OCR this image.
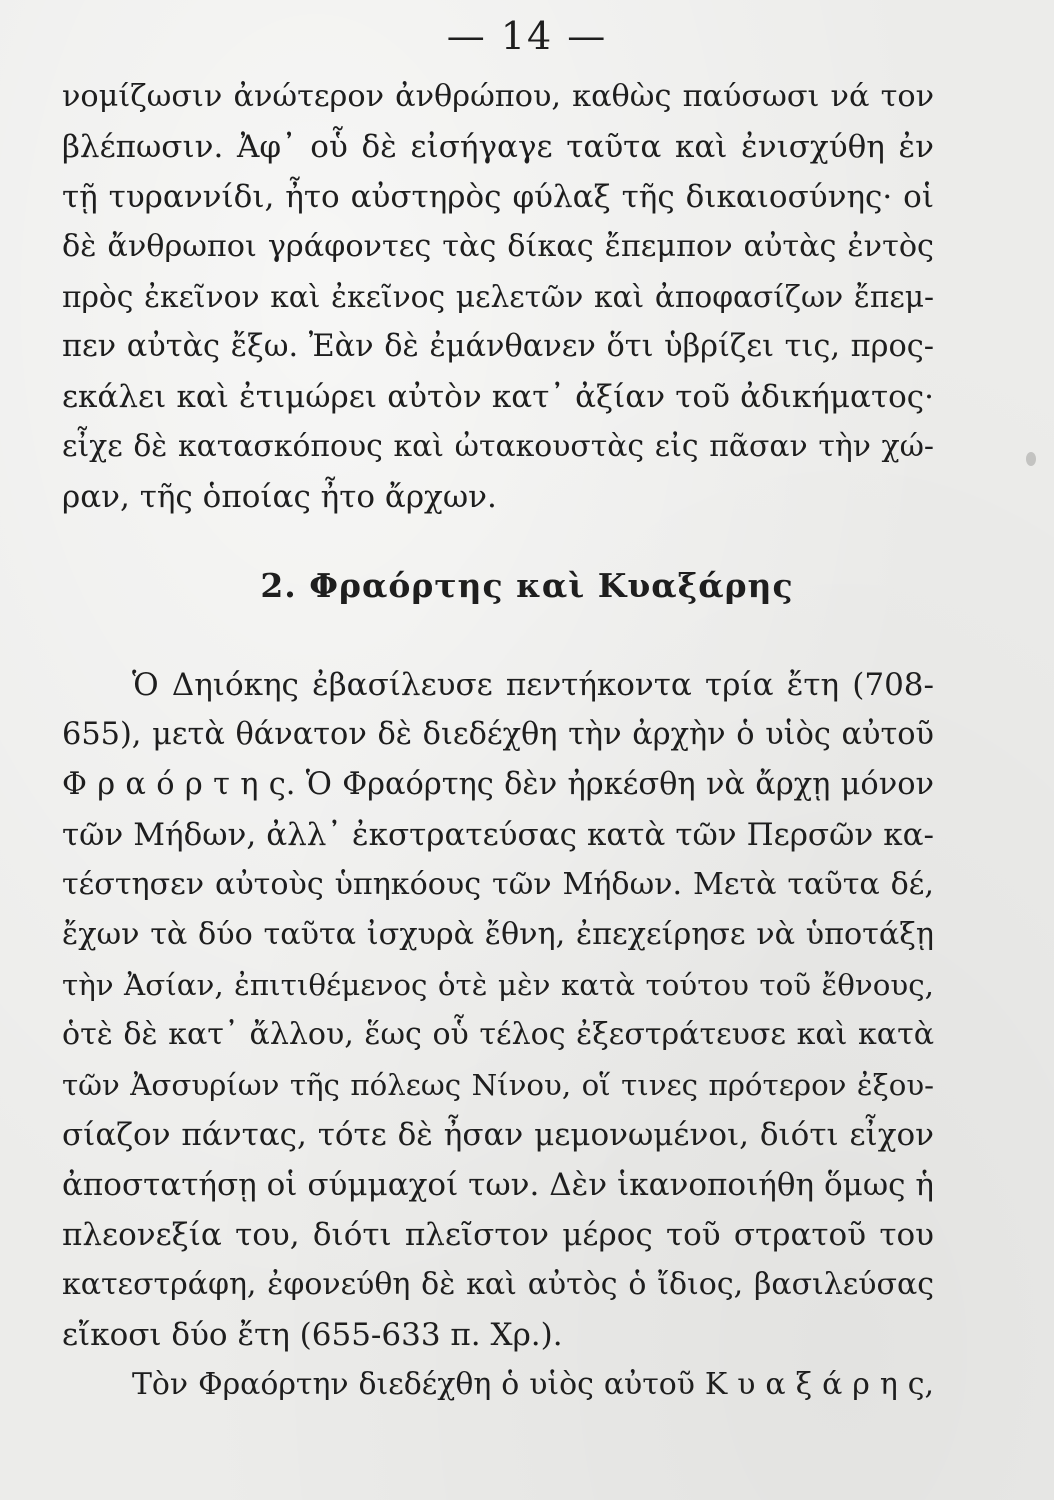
— 14 —
νομίζωσιν ἀνώτερον ἀνθρώπου, καθὼς παύσωσι νά τον
βλέπωσιν. Ἀφ᾿ οὗ δὲ εἰσήγαγε ταῦτα καὶ ἐνισχύθη ἐν
τῇ τυραννίδι, ἦτο αὐστηρὸς φύλαξ τῆς δικαιοσύνης· οἱ
δὲ ἄνθρωποι γράφοντες τὰς δίκας ἔπεμπον αὐτὰς ἐντὸς
πρὸς ἐκεῖνον καὶ ἐκεῖνος μελετῶν καὶ ἀποφασίζων ἔπεμ-
πεν αὐτὰς ἔξω. Ἐὰν δὲ ἐμάνθανεν ὅτι ὑβρίζει τις, προς-
εκάλει καὶ ἐτιμώρει αὐτὸν κατ᾿ ἀξίαν τοῦ ἀδικήματος·
εἶχε δὲ κατασκόπους καὶ ὠτακουστὰς εἰς πᾶσαν τὴν χώ-
ραν, τῆς ὁποίας ἦτο ἄρχων.
2. Φραόρτης καὶ Κυαξάρης
Ὁ Δηιόκης ἐβασίλευσε πεντήκοντα τρία ἔτη (708-
655), μετὰ θάνατον δὲ διεδέχθη τὴν ἀρχὴν ὁ υἱὸς αὐτοῦ
Φ ρ α ό ρ τ η ς. Ὁ Φραόρτης δὲν ἠρκέσθη νὰ ἄρχῃ μόνον
τῶν Μήδων, ἀλλ᾿ ἐκστρατεύσας κατὰ τῶν Περσῶν κα-
τέστησεν αὐτοὺς ὑπηκόους τῶν Μήδων. Μετὰ ταῦτα δέ,
ἔχων τὰ δύο ταῦτα ἰσχυρὰ ἔθνη, ἐπεχείρησε νὰ ὑποτάξῃ
τὴν Ἀσίαν, ἐπιτιθέμενος ὁτὲ μὲν κατὰ τούτου τοῦ ἔθνους,
ὁτὲ δὲ κατ᾿ ἄλλου, ἕως οὗ τέλος ἐξεστράτευσε καὶ κατὰ
τῶν Ἀσσυρίων τῆς πόλεως Νίνου, οἵ τινες πρότερον ἐξου-
σίαζον πάντας, τότε δὲ ἦσαν μεμονωμένοι, διότι εἶχον
ἀποστατήσῃ οἱ σύμμαχοί των. Δὲν ἱκανοποιήθη ὅμως ἡ
πλεονεξία του, διότι πλεῖστον μέρος τοῦ στρατοῦ του
κατεστράφη, ἐφονεύθη δὲ καὶ αὐτὸς ὁ ἴδιος, βασιλεύσας
εἴκοσι δύο ἔτη (655-633 π. Χρ.).
Τὸν Φραόρτην διεδέχθη ὁ υἱὸς αὐτοῦ Κ υ α ξ ά ρ η ς,
